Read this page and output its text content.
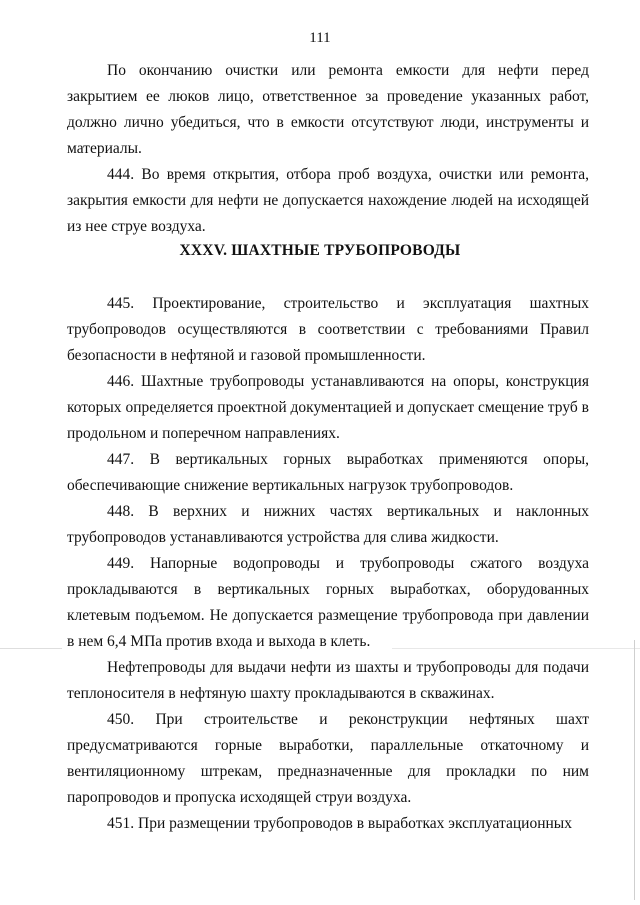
111

По окончанию очистки или ремонта емкости для нефти перед закрытием ее люков лицо, ответственное за проведение указанных работ, должно лично убедиться, что в емкости отсутствуют люди, инструменты и материалы.

444. Во время открытия, отбора проб воздуха, очистки или ремонта, закрытия емкости для нефти не допускается нахождение людей на исходящей из нее струе воздуха.

XXXV. ШАХТНЫЕ ТРУБОПРОВОДЫ

445. Проектирование, строительство и эксплуатация шахтных трубопроводов осуществляются в соответствии с требованиями Правил безопасности в нефтяной и газовой промышленности.

446. Шахтные трубопроводы устанавливаются на опоры, конструкция которых определяется проектной документацией и допускает смещение труб в продольном и поперечном направлениях.

447. В вертикальных горных выработках применяются опоры, обеспечивающие снижение вертикальных нагрузок трубопроводов.

448. В верхних и нижних частях вертикальных и наклонных трубопроводов устанавливаются устройства для слива жидкости.

449. Напорные водопроводы и трубопроводы сжатого воздуха прокладываются в вертикальных горных выработках, оборудованных клетевым подъемом. Не допускается размещение трубопровода при давлении в нем 6,4 МПа против входа и выхода в клеть.

Нефтепроводы для выдачи нефти из шахты и трубопроводы для подачи теплоносителя в нефтяную шахту прокладываются в скважинах.

450. При строительстве и реконструкции нефтяных шахт предусматриваются горные выработки, параллельные откаточному и вентиляционному штрекам, предназначенные для прокладки по ним паропроводов и пропуска исходящей струи воздуха.

451. При размещении трубопроводов в выработках эксплуатационных
